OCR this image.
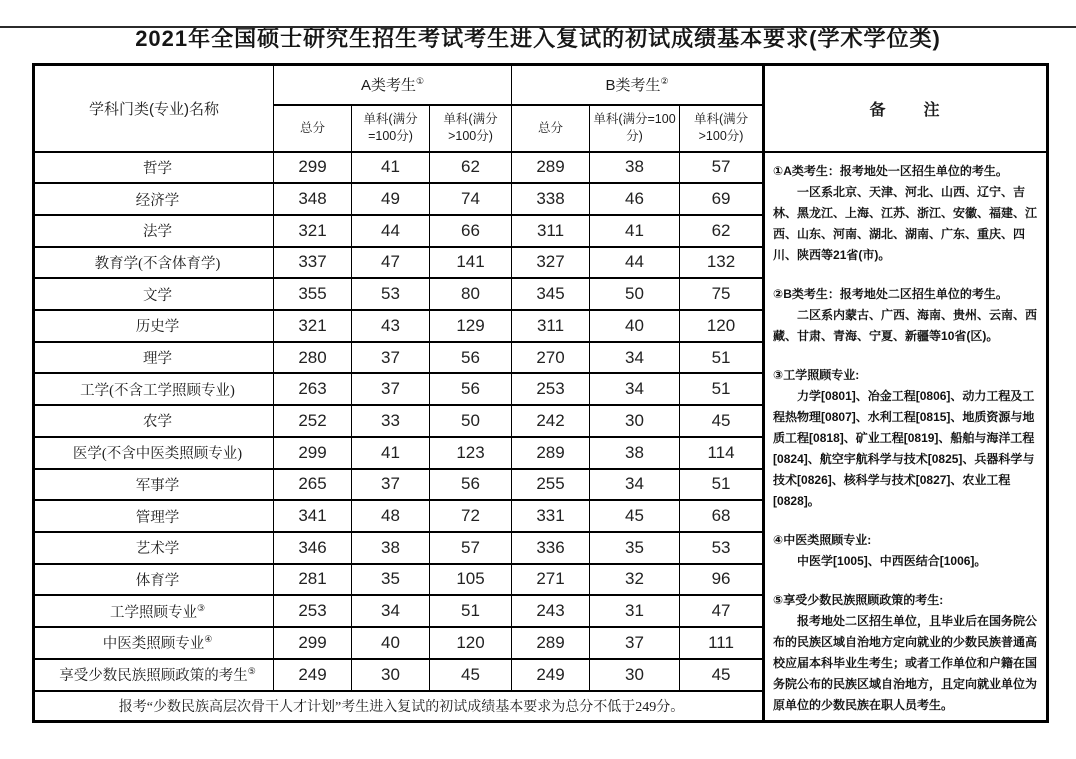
2021年全国硕士研究生招生考试考生进入复试的初试成绩基本要求(学术学位类)
学科门类(专业)名称	A类考生①			B类考生②
	总分	单科(满分=100分)	单科(满分>100分)	总分	单科(满分=100分)	单科(满分>100分)
哲学	299	41	62	289	38	57
经济学	348	49	74	338	46	69
法学	321	44	66	311	41	62
教育学(不含体育学)	337	47	141	327	44	132
文学	355	53	80	345	50	75
历史学	321	43	129	311	40	120
理学	280	37	56	270	34	51
工学(不含工学照顾专业)	263	37	56	253	34	51
农学	252	33	50	242	30	45
医学(不含中医类照顾专业)	299	41	123	289	38	114
军事学	265	37	56	255	34	51
管理学	341	48	72	331	45	68
艺术学	346	38	57	336	35	53
体育学	281	35	105	271	32	96
工学照顾专业③	253	34	51	243	31	47
中医类照顾专业④	299	40	120	289	37	111
享受少数民族照顾政策的考生⑤	249	30	45	249	30	45
报考“少数民族高层次骨干人才计划”考生进入复试的初试成绩基本要求为总分不低于249分。						
备　　注

①A类考生：报考地处一区招生单位的考生。

一区系北京、天津、河北、山西、辽宁、吉林、黑龙江、上海、江苏、浙江、安徽、福建、江西、山东、河南、湖北、湖南、广东、重庆、四川、陕西等21省(市)。

②B类考生：报考地处二区招生单位的考生。

二区系内蒙古、广西、海南、贵州、云南、西藏、甘肃、青海、宁夏、新疆等10省(区)。

③工学照顾专业:

力学[0801]、冶金工程[0806]、动力工程及工程热物理[0807]、水利工程[0815]、地质资源与地质工程[0818]、矿业工程[0819]、船舶与海洋工程[0824]、航空宇航科学与技术[0825]、兵器科学与技术[0826]、核科学与技术[0827]、农业工程[0828]。

④中医类照顾专业:

中医学[1005]、中西医结合[1006]。

⑤享受少数民族照顾政策的考生:

报考地处二区招生单位，且毕业后在国务院公布的民族区域自治地方定向就业的少数民族普通高校应届本科毕业生考生；或者工作单位和户籍在国务院公布的民族区域自治地方，且定向就业单位为原单位的少数民族在职人员考生。
